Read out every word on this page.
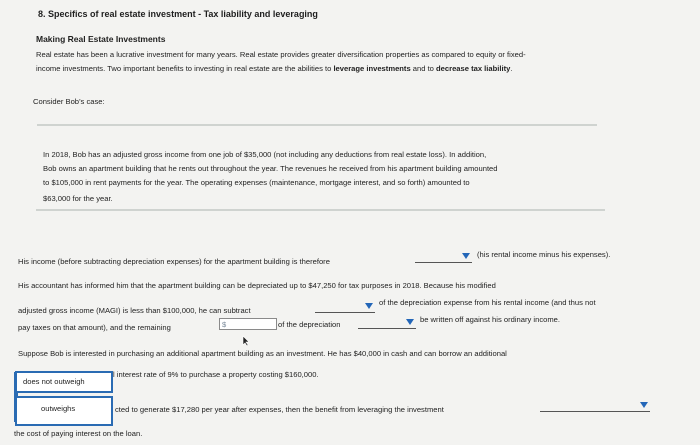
8. Specifics of real estate investment - Tax liability and leveraging
Making Real Estate Investments
Real estate has been a lucrative investment for many years. Real estate provides greater diversification properties as compared to equity or fixed-
income investments. Two important benefits to investing in real estate are the abilities to leverage investments and to decrease tax liability.
Consider Bob’s case:
In 2018, Bob has an adjusted gross income from one job of $35,000 (not including any deductions from real estate loss). In addition,
Bob owns an apartment building that he rents out throughout the year. The revenues he received from his apartment building amounted
to $105,000 in rent payments for the year. The operating expenses (maintenance, mortgage interest, and so forth) amounted to
$63,000 for the year.
His income (before subtracting depreciation expenses) for the apartment building is therefore
(his rental income minus his expenses).
His accountant has informed him that the apartment building can be depreciated up to $47,250 for tax purposes in 2018. Because his modified
adjusted gross income (MAGI) is less than $100,000, he can subtract
of the depreciation expense from his rental income (and thus not
pay taxes on that amount), and the remaining	$	of the depreciation
be written off against his ordinary income.
Suppose Bob is interested in purchasing an additional apartment building as an investment. He has $40,000 in cash and can borrow an additional
l interest rate of 9% to purchase a property costing $160,000.
does not outweigh
outweighs	cted to generate $17,280 per year after expenses, then the benefit from leveraging the investment
the cost of paying interest on the loan.
